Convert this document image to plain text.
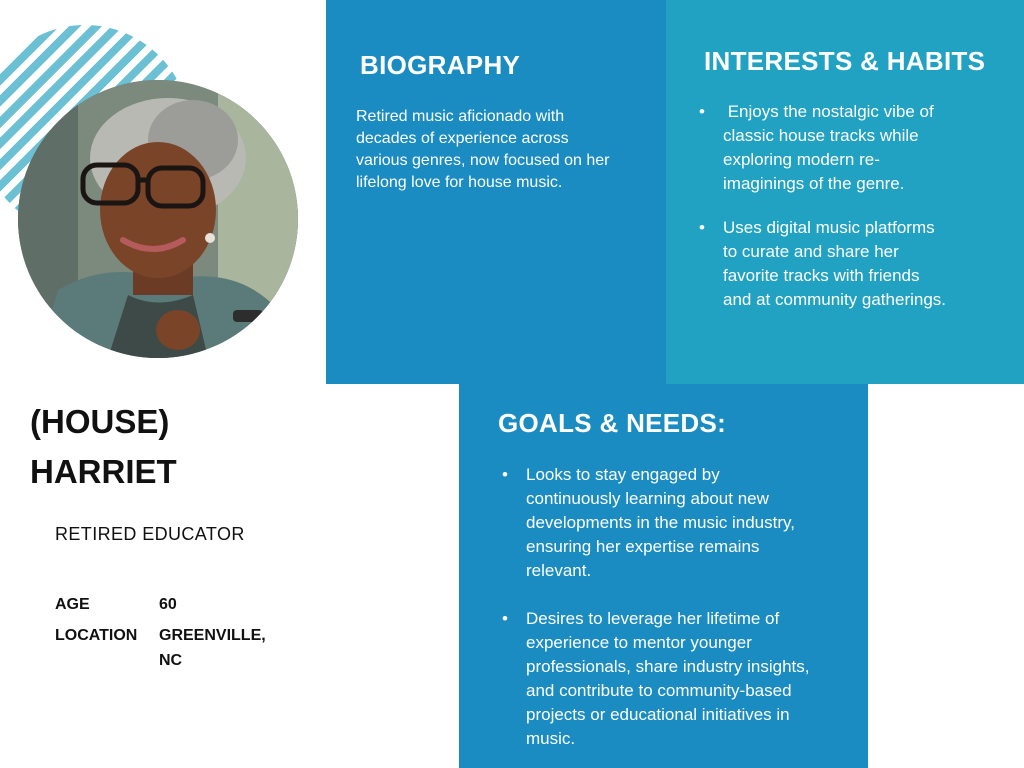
BIOGRAPHY
Retired music aficionado with
decades of experience across
various genres, now focused on her
lifelong love for house music.
INTERESTS & HABITS
•  Enjoys the nostalgic vibe of
classic house tracks while
exploring modern re-
imaginings of the genre.
• Uses digital music platforms
to curate and share her
favorite tracks with friends
and at community gatherings.
GOALS & NEEDS:
• Looks to stay engaged by
continuously learning about new
developments in the music industry,
ensuring her expertise remains
relevant.
• Desires to leverage her lifetime of
experience to mentor younger
professionals, share industry insights,
and contribute to community-based
projects or educational initiatives in
music.
(HOUSE)
HARRIET
RETIRED EDUCATOR
AGE	60
LOCATION GREENVILLE,
NC
